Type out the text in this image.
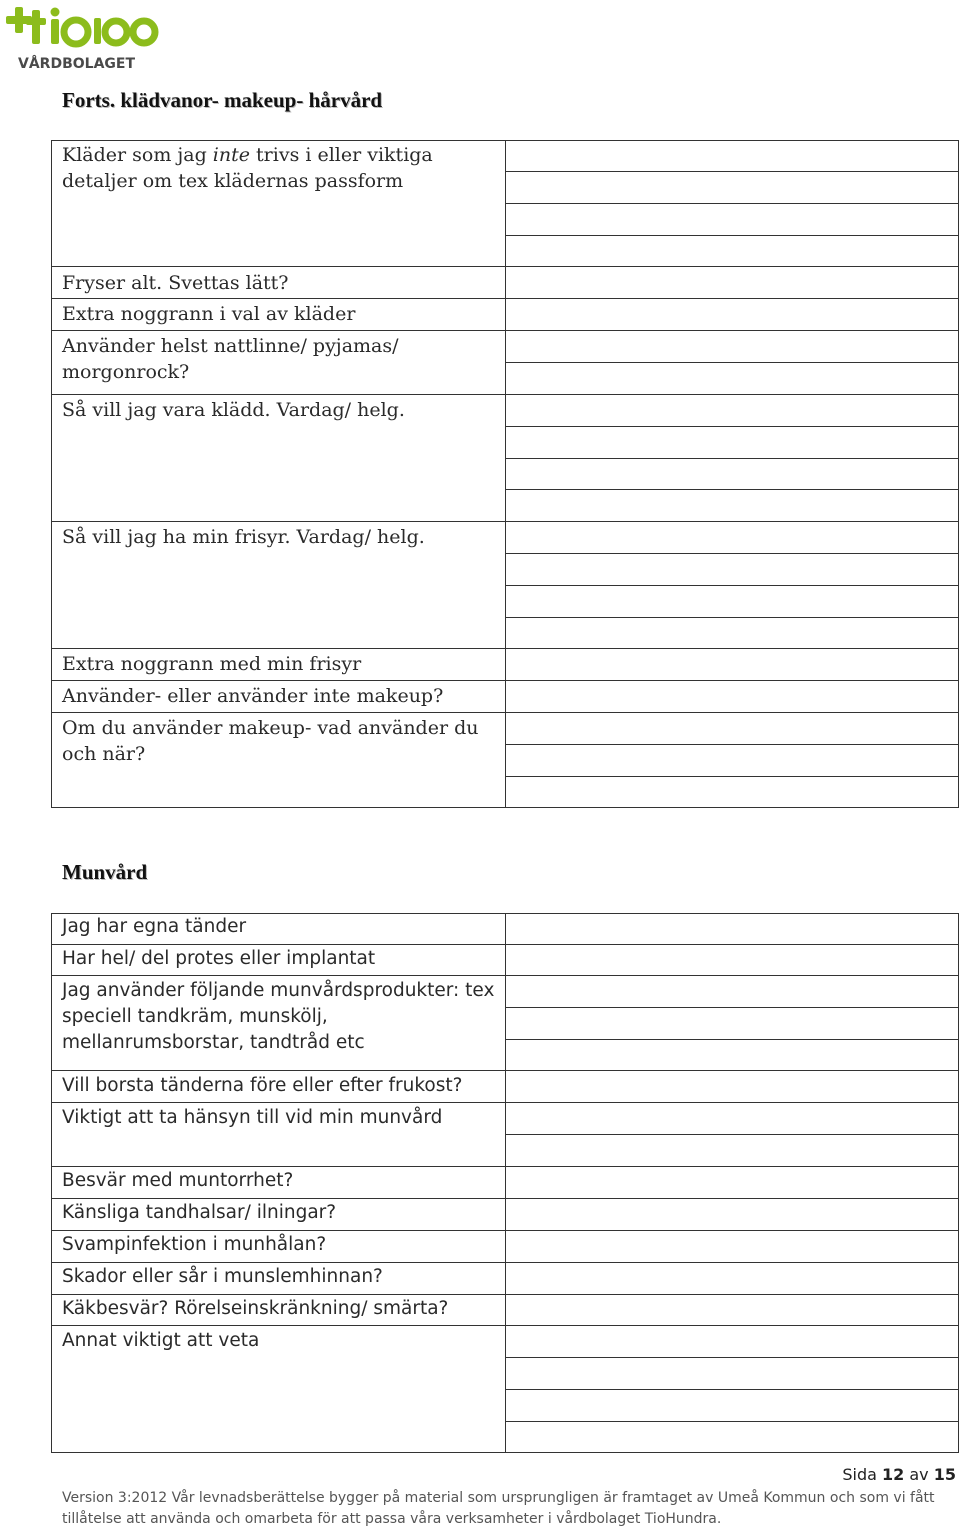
VÅRDBOLAGET
Forts. klädvanor- makeup- hårvård
Kläder som jag inte trivs i eller viktiga detaljer om tex klädernas passform
Fryser alt. Svettas lätt?
Extra noggrann i val av kläder
Använder helst nattlinne/ pyjamas/ morgonrock?
Så vill jag vara klädd. Vardag/ helg.
Så vill jag ha min frisyr. Vardag/ helg.
Extra noggrann med min frisyr
Använder- eller använder inte makeup?
Om du använder makeup- vad använder du och när?
Munvård
Jag har egna tänder
Har hel/ del protes eller implantat
Jag använder följande munvårdsprodukter: tex speciell tandkräm, munskölj, mellanrumsborstar, tandtråd etc
Vill borsta tänderna före eller efter frukost?
Viktigt att ta hänsyn till vid min munvård
Besvär med muntorrhet?
Känsliga tandhalsar/ ilningar?
Svampinfektion i munhålan?
Skador eller sår i munslemhinnan?
Käkbesvär? Rörelseinskränkning/ smärta?
Annat viktigt att veta
Sida 12 av 15
Version 3:2012 Vår levnadsberättelse bygger på material som ursprungligen är framtaget av Umeå Kommun och som vi fått
tillåtelse att använda och omarbeta för att passa våra verksamheter i vårdbolaget TioHundra.
